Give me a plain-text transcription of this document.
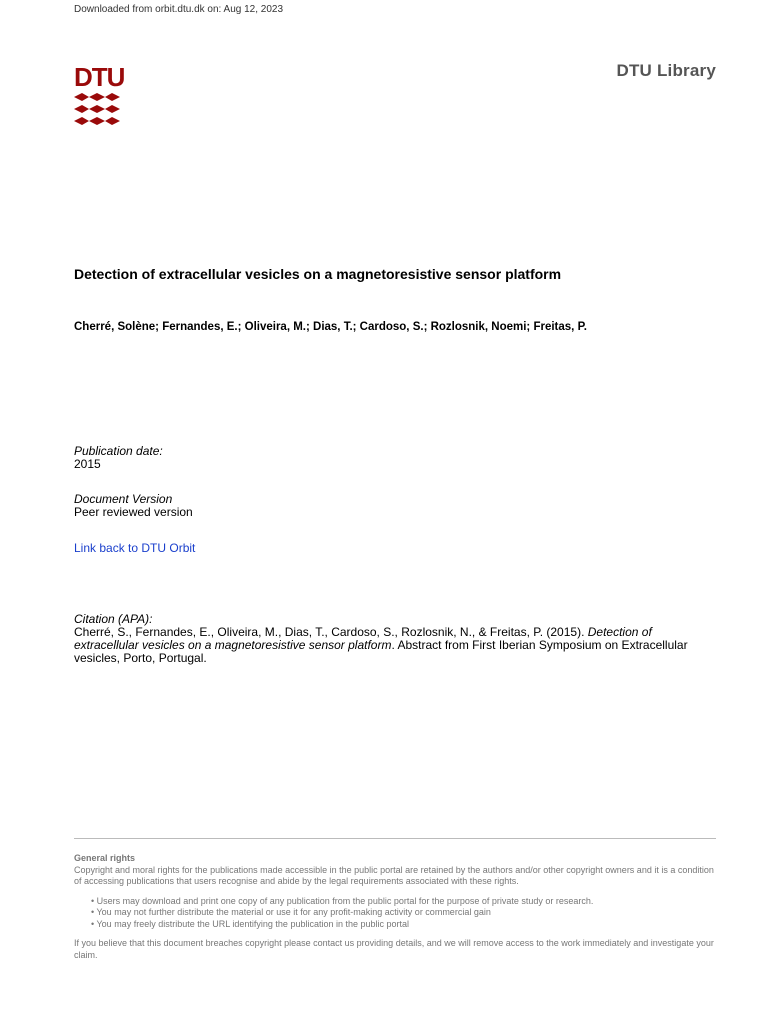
Downloaded from orbit.dtu.dk on: Aug 12, 2023
DTU	DTU Library
Detection of extracellular vesicles on a magnetoresistive sensor platform
Cherré, Solène; Fernandes, E.; Oliveira, M.; Dias, T.; Cardoso, S.; Rozlosnik, Noemi; Freitas, P.
Publication date:
2015
Document Version
Peer reviewed version
Link back to DTU Orbit
Citation (APA):
Cherré, S., Fernandes, E., Oliveira, M., Dias, T., Cardoso, S., Rozlosnik, N., & Freitas, P. (2015). Detection of extracellular vesicles on a magnetoresistive sensor platform. Abstract from First Iberian Symposium on Extracellular vesicles, Porto, Portugal.
General rights
Copyright and moral rights for the publications made accessible in the public portal are retained by the authors and/or other copyright owners and it is a condition of accessing publications that users recognise and abide by the legal requirements associated with these rights.
• Users may download and print one copy of any publication from the public portal for the purpose of private study or research.
• You may not further distribute the material or use it for any profit-making activity or commercial gain
• You may freely distribute the URL identifying the publication in the public portal
If you believe that this document breaches copyright please contact us providing details, and we will remove access to the work immediately and investigate your claim.
